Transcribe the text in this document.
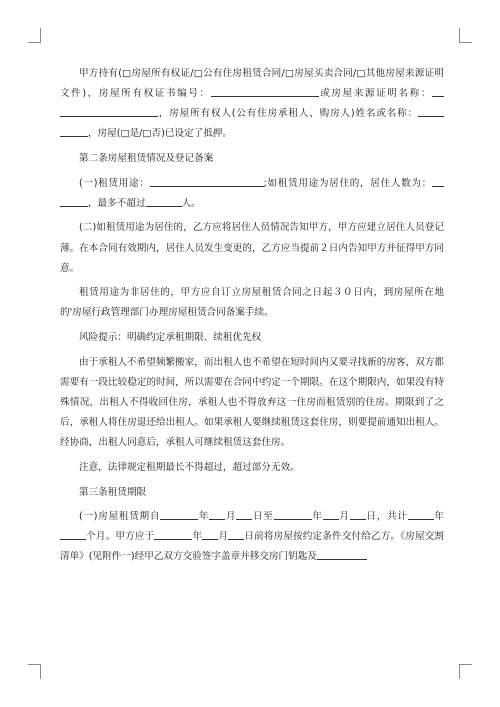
甲方持有(□房屋所有权证/□公有住房租赁合同/□房屋买卖合同/□其他房屋来源证明文件)，房屋所有权证书编号：	或房屋来源证明名称：，房屋所有权人(公有住房承租人、购房人)姓名或名称：，房屋(□是/□否)已设定了抵押。

第二条房屋租赁情况及登记备案

(一)租赁用途：	;如租赁用途为居住的，居住人数为：，最多不超过	人。

(二)如租赁用途为居住的，乙方应将居住人员情况告知甲方，甲方应建立居住人员登记薄。在本合同有效期内，居住人员发生变更的，乙方应当提前２日内告知甲方并征得甲方同意。

租赁用途为非居住的，甲方应自订立房屋租赁合同之日起３０日内，到房屋所在地的'房屋行政管理部门办理房屋租赁合同备案手续。

风险提示：明确约定承租期限、续租优先权

由于承租人不希望频繁搬家，而出租人也不希望在短时间内又要寻找新的房客，双方都需要有一段比较稳定的时间，所以需要在合同中约定一个期限。在这个期限内，如果没有特殊情况，出租人不得收回住房，承租人也不得放弃这一住房而租赁别的住房。期限到了之后，承租人将住房退还给出租人。如果承租人要继续租赁这套住房，则要提前通知出租人。经协商，出租人同意后，承租人可继续租赁这套住房。

注意，法律规定租期最长不得超过，超过部分无效。

第三条租赁期限

(一)房屋租赁期自	年 月 日至	年 月 日，共计	年个月。甲方应于	年 月 日前将房屋按约定条件交付给乙方。《房屋交割清单》(见附件一)经甲乙双方交验签字盖章并移交房门钥匙及
